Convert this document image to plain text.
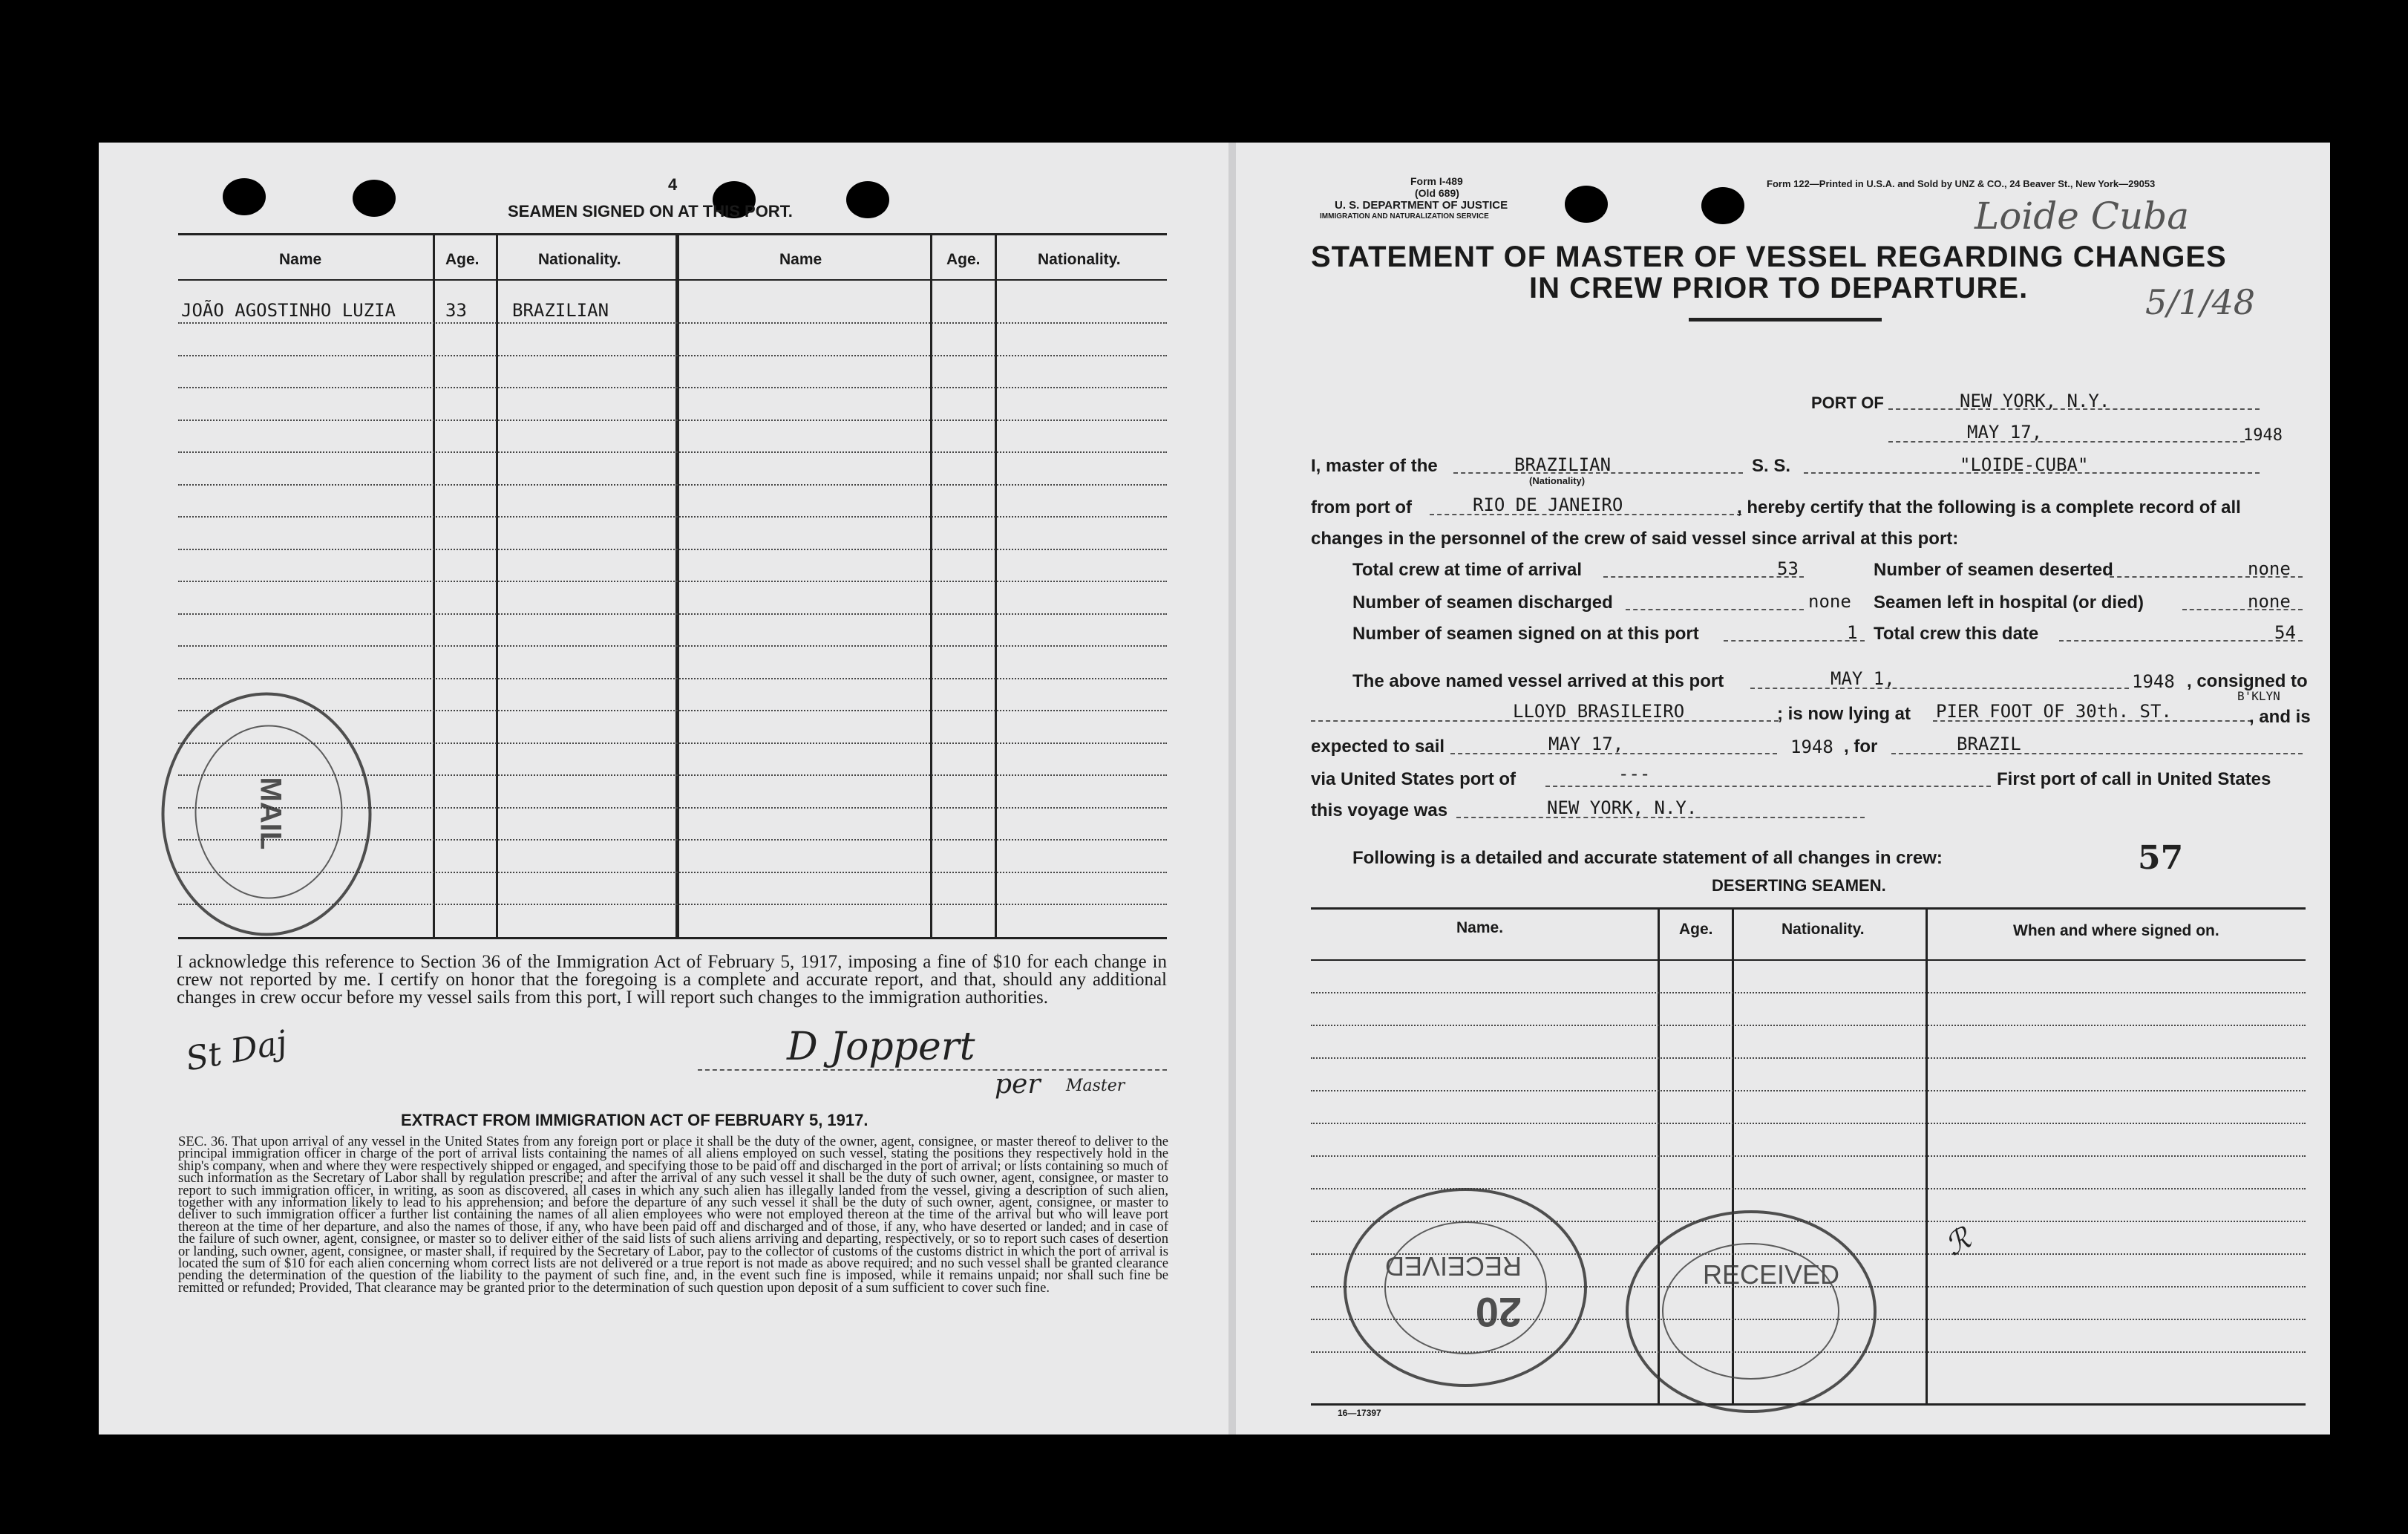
4
SEAMEN SIGNED ON AT THIS PORT.
Name	Age.	Nationality.	Name	Age.	Nationality.
JOÃO AGOSTINHO LUZIA	33	BRAZILIAN
MAIL
I acknowledge this reference to Section 36 of the Immigration Act of February 5, 1917, imposing a fine of $10 for each change in crew not reported by me. I certify on honor that the foregoing is a complete and accurate report, and that, should any additional changes in crew occur before my vessel sails from this port, I will report such changes to the immigration authorities.
St Daj	D Joppert
per Master
EXTRACT FROM IMMIGRATION ACT OF FEBRUARY 5, 1917.
SEC. 36. That upon arrival of any vessel in the United States from any foreign port or place it shall be the duty of the owner, agent, consignee, or master thereof to deliver to the principal immigration officer in charge of the port of arrival lists containing the names of all aliens employed on such vessel, stating the positions they respectively hold in the ship's company, when and where they were respectively shipped or engaged, and specifying those to be paid off and discharged in the port of arrival; or lists containing so much of such information as the Secretary of Labor shall by regulation prescribe; and after the arrival of any such vessel it shall be the duty of such owner, agent, consignee, or master to report to such immigration officer, in writing, as soon as discovered, all cases in which any such alien has illegally landed from the vessel, giving a description of such alien, together with any information likely to lead to his apprehension; and before the departure of any such vessel it shall be the duty of such owner, agent, consignee, or master to deliver to such immigration officer a further list containing the names of all alien employees who were not employed thereon at the time of the arrival but who will leave port thereon at the time of her departure, and also the names of those, if any, who have been paid off and discharged and of those, if any, who have deserted or landed; and in case of the failure of such owner, agent, consignee, or master so to deliver either of the said lists of such aliens arriving and departing, respectively, or so to report such cases of desertion or landing, such owner, agent, consignee, or master shall, if required by the Secretary of Labor, pay to the collector of customs of the customs district in which the port of arrival is located the sum of $10 for each alien concerning whom correct lists are not delivered or a true report is not made as above required; and no such vessel shall be granted clearance pending the determination of the question of the liability to the payment of such fine, and, in the event such fine is imposed, while it remains unpaid; nor shall such fine be remitted or refunded; Provided, That clearance may be granted prior to the determination of such question upon deposit of a sum sufficient to cover such fine.
Form I-489
(Old 689)
U. S. DEPARTMENT OF JUSTICE
IMMIGRATION AND NATURALIZATION SERVICE
Form 122—Printed in U.S.A. and Sold by UNZ & CO., 24 Beaver St., New York—29053
Loide Cuba
5/1/48
STATEMENT OF MASTER OF VESSEL REGARDING CHANGES
IN CREW PRIOR TO DEPARTURE.
PORT OF	NEW YORK, N.Y.
MAY 17,	1948
I, master of the	BRAZILIAN
(Nationality)
S. S.	"LOIDE-CUBA"
from port of	RIO DE JANEIRO	, hereby certify that the following is a complete record of all
changes in the personnel of the crew of said vessel since arrival at this port:
Total crew at time of arrival	53	Number of seamen deserted	none
Number of seamen discharged	none Seamen left in hospital (or died)	none
Number of seamen signed on at this port	1 Total crew this date	54
The above named vessel arrived at this port	MAY 1,	1948 , consigned to
LLOYD BRASILEIRO	; is now lying at PIER FOOT OF 30th. ST.
B'KLYN
, and is
expected to sail	MAY 17,	1948 , for	BRAZIL
via United States port of	---	First port of call in United States
this voyage was	NEW YORK, N.Y.
Following is a detailed and accurate statement of all changes in crew:	57
DESERTING SEAMEN.
Name.	Age.	Nationality.	When and where signed on.
20
RECEIVED	RECEIVED
ℛ
16—17397
